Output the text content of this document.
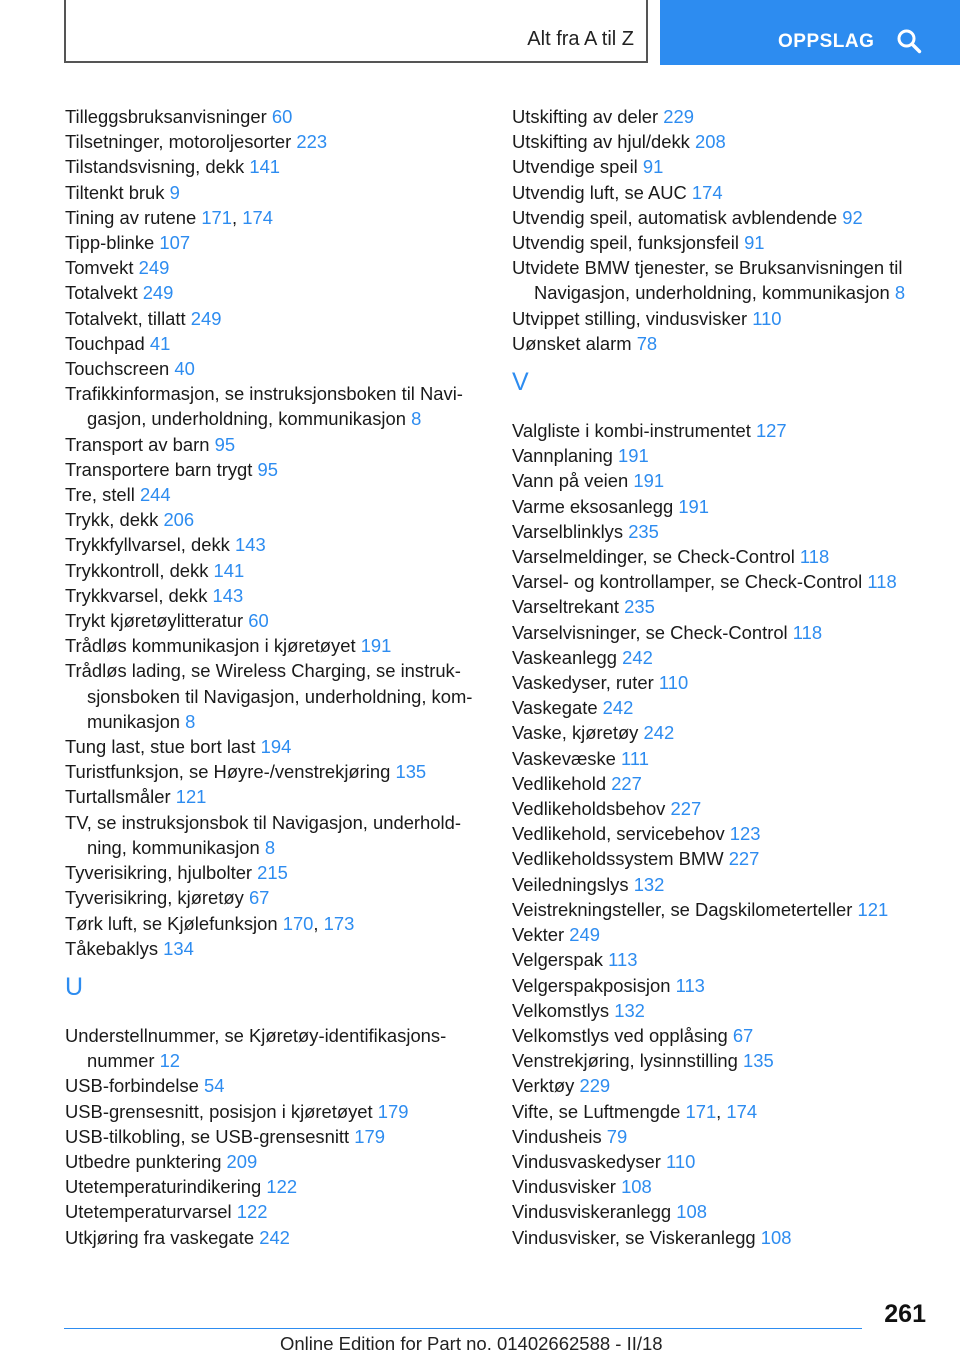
Alt fra A til Z	OPPSLAG
Tilleggsbruksanvisninger 60
Tilsetninger, motoroljesorter 223
Tilstandsvisning, dekk 141
Tiltenkt bruk 9
Tining av rutene 171, 174
Tipp-blinke 107
Tomvekt 249
Totalvekt 249
Totalvekt, tillatt 249
Touchpad 41
Touchscreen 40
Trafikkinformasjon, se instruksjonsboken til Navi-gasjon, underholdning, kommunikasjon 8
Transport av barn 95
Transportere barn trygt 95
Tre, stell 244
Trykk, dekk 206
Trykkfyllvarsel, dekk 143
Trykkontroll, dekk 141
Trykkvarsel, dekk 143
Trykt kjøretøylitteratur 60
Trådløs kommunikasjon i kjøretøyet 191
Trådløs lading, se Wireless Charging, se instruk-sjonsboken til Navigasjon, underholdning, kom-munikasjon 8
Tung last, stue bort last 194
Turistfunksjon, se Høyre-/venstrekjøring 135
Turtallsmåler 121
TV, se instruksjonsbok til Navigasjon, underhold-ning, kommunikasjon 8
Tyverisikring, hjulbolter 215
Tyverisikring, kjøretøy 67
Tørk luft, se Kjølefunksjon 170, 173
Tåkebaklys 134
U
Understellnummer, se Kjøretøy-identifikasjons-nummer 12
USB-forbindelse 54
USB-grensesnitt, posisjon i kjøretøyet 179
USB-tilkobling, se USB-grensesnitt 179
Utbedre punktering 209
Utetemperaturindikering 122
Utetemperaturvarsel 122
Utkjøring fra vaskegate 242
Utskifting av deler 229
Utskifting av hjul/dekk 208
Utvendige speil 91
Utvendig luft, se AUC 174
Utvendig speil, automatisk avblendende 92
Utvendig speil, funksjonsfeil 91
Utvidete BMW tjenester, se Bruksanvisningen til Navigasjon, underholdning, kommunikasjon 8
Utvippet stilling, vindusvisker 110
Uønsket alarm 78
V
Valgliste i kombi-instrumentet 127
Vannplaning 191
Vann på veien 191
Varme eksosanlegg 191
Varselblinklys 235
Varselmeldinger, se Check-Control 118
Varsel- og kontrollamper, se Check-Control 118
Varseltrekant 235
Varselvisninger, se Check-Control 118
Vaskeanlegg 242
Vaskedyser, ruter 110
Vaskegate 242
Vaske, kjøretøy 242
Vaskevæske 111
Vedlikehold 227
Vedlikeholdsbehov 227
Vedlikehold, servicebehov 123
Vedlikeholdssystem BMW 227
Veiledningslys 132
Veistrekningsteller, se Dagskilometerteller 121
Vekter 249
Velgerspak 113
Velgerspakposisjon 113
Velkomstlys 132
Velkomstlys ved opplåsing 67
Venstrekjøring, lysinnstilling 135
Verktøy 229
Vifte, se Luftmengde 171, 174
Vindusheis 79
Vindusvaskedyser 110
Vindusvisker 108
Vindusviskeranlegg 108
Vindusvisker, se Viskeranlegg 108
261
Online Edition for Part no. 01402662588 - II/18
